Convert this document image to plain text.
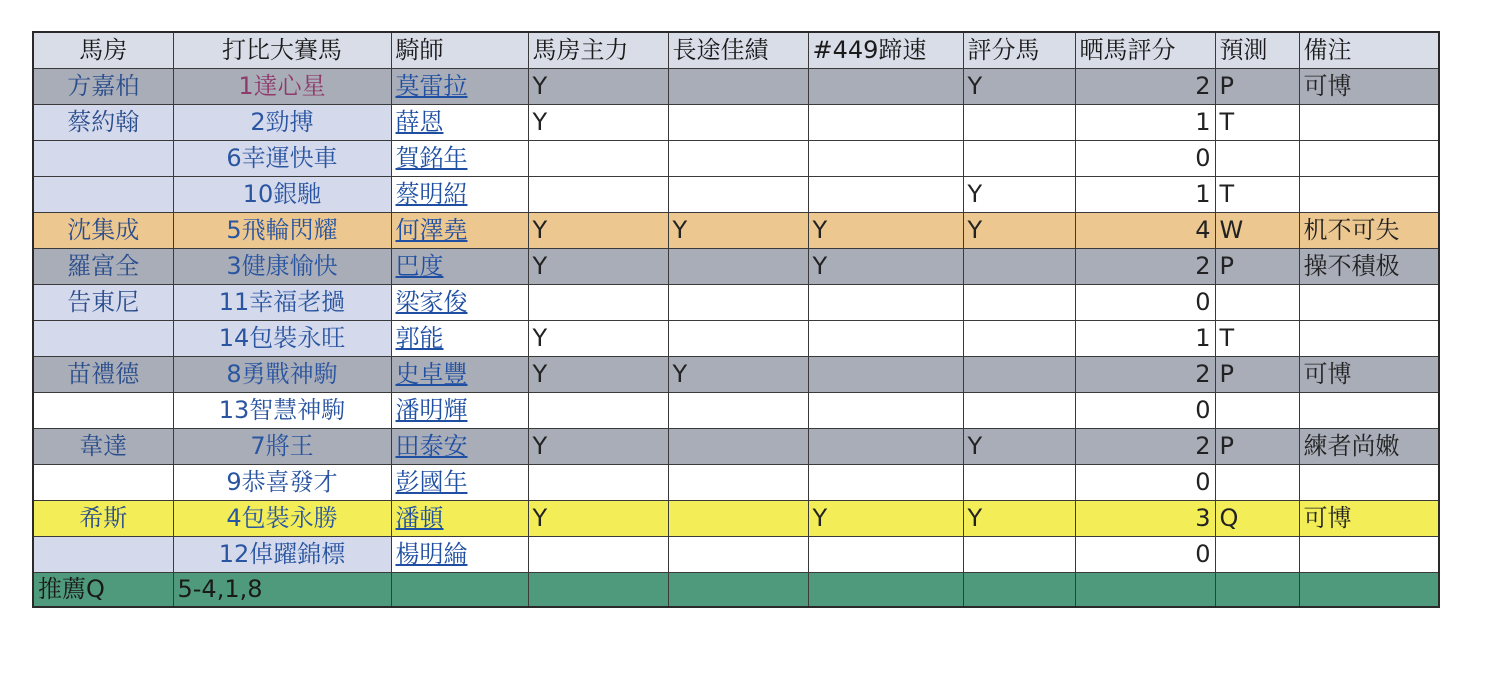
馬房	打比大賽馬	騎師	馬房主力	長途佳績	#449蹄速	評分馬	晒馬評分	預測	備注
方嘉柏	1達心星	莫雷拉	Y			Y	2	P	可博
蔡約翰	2勁搏	薛恩	Y				1	T	
	6幸運快車	賀銘年					0		
	10銀馳	蔡明紹				Y	1	T	
沈集成	5飛輪閃耀	何澤堯	Y	Y	Y	Y	4	W	机不可失
羅富全	3健康愉快	巴度	Y		Y		2	P	操不積极
告東尼	11幸福老撾	梁家俊					0		
	14包裝永旺	郭能	Y				1	T	
苗禮德	8勇戰神駒	史卓豐	Y	Y			2	P	可博
	13智慧神駒	潘明輝					0		
韋達	7將王	田泰安	Y			Y	2	P	練者尚嫩
	9恭喜發才	彭國年					0		
希斯	4包裝永勝	潘頓	Y		Y	Y	3	Q	可博
	12倬躍錦標	楊明綸					0		
推薦Q	5-4,1,8								
